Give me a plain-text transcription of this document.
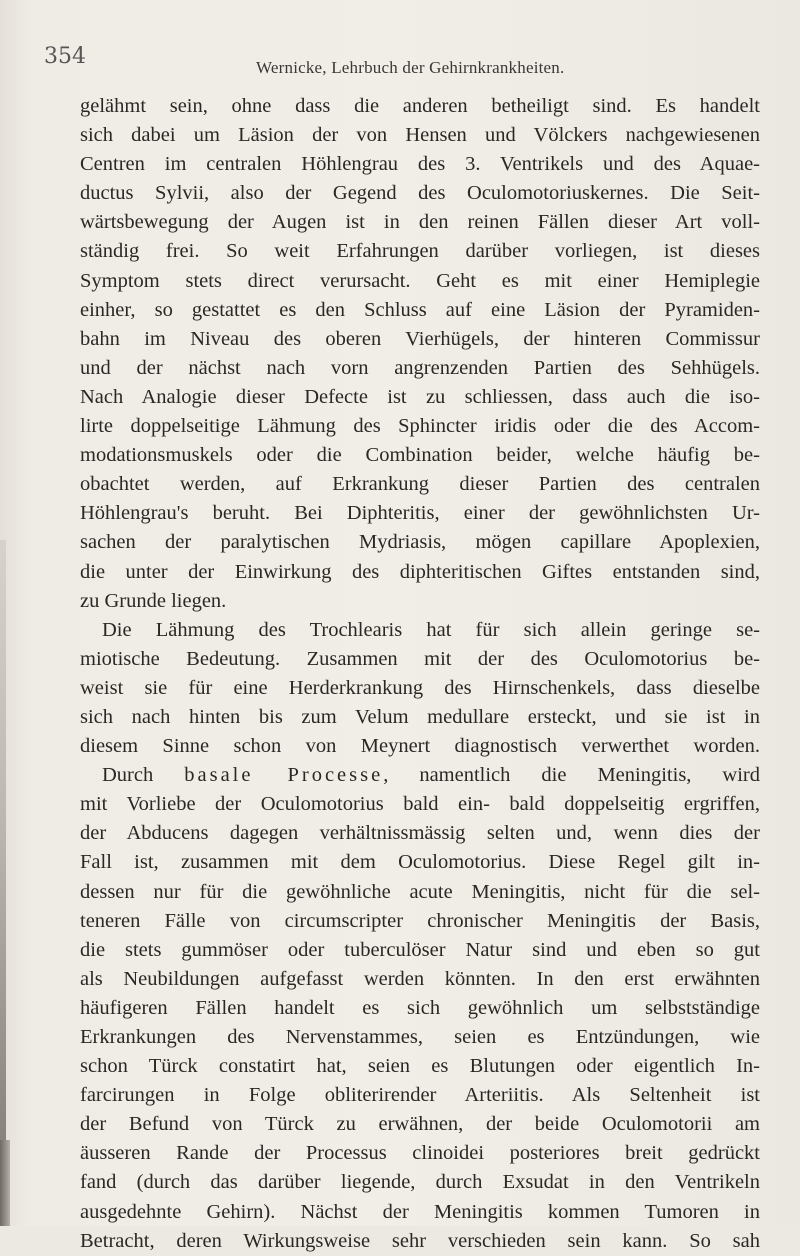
354	Wernicke, Lehrbuch der Gehirnkrankheiten.
gelähmt sein, ohne dass die anderen betheiligt sind. Es handelt
sich dabei um Läsion der von Hensen und Völckers nachgewiesenen
Centren im centralen Höhlengrau des 3. Ventrikels und des Aquae-
ductus Sylvii, also der Gegend des Oculomotoriuskernes. Die Seit-
wärtsbewegung der Augen ist in den reinen Fällen dieser Art voll-
ständig frei. So weit Erfahrungen darüber vorliegen, ist dieses
Symptom stets direct verursacht. Geht es mit einer Hemiplegie
einher, so gestattet es den Schluss auf eine Läsion der Pyramiden-
bahn im Niveau des oberen Vierhügels, der hinteren Commissur
und der nächst nach vorn angrenzenden Partien des Sehhügels.
Nach Analogie dieser Defecte ist zu schliessen, dass auch die iso-
lirte doppelseitige Lähmung des Sphincter iridis oder die des Accom-
modationsmuskels oder die Combination beider, welche häufig be-
obachtet werden, auf Erkrankung dieser Partien des centralen
Höhlengrau's beruht. Bei Diphteritis, einer der gewöhnlichsten Ur-
sachen der paralytischen Mydriasis, mögen capillare Apoplexien,
die unter der Einwirkung des diphteritischen Giftes entstanden sind,
zu Grunde liegen.
Die Lähmung des Trochlearis hat für sich allein geringe se-
miotische Bedeutung. Zusammen mit der des Oculomotorius be-
weist sie für eine Herderkrankung des Hirnschenkels, dass dieselbe
sich nach hinten bis zum Velum medullare ersteckt, und sie ist in
diesem Sinne schon von Meynert diagnostisch verwerthet worden.
Durch basale Processe, namentlich die Meningitis, wird
mit Vorliebe der Oculomotorius bald ein- bald doppelseitig ergriffen,
der Abducens dagegen verhältnissmässig selten und, wenn dies der
Fall ist, zusammen mit dem Oculomotorius. Diese Regel gilt in-
dessen nur für die gewöhnliche acute Meningitis, nicht für die sel-
teneren Fälle von circumscripter chronischer Meningitis der Basis,
die stets gummöser oder tuberculöser Natur sind und eben so gut
als Neubildungen aufgefasst werden könnten. In den erst erwähnten
häufigeren Fällen handelt es sich gewöhnlich um selbstständige
Erkrankungen des Nervenstammes, seien es Entzündungen, wie
schon Türck constatirt hat, seien es Blutungen oder eigentlich In-
farcirungen in Folge obliterirender Arteriitis. Als Seltenheit ist
der Befund von Türck zu erwähnen, der beide Oculomotorii am
äusseren Rande der Processus clinoidei posteriores breit gedrückt
fand (durch das darüber liegende, durch Exsudat in den Ventrikeln
ausgedehnte Gehirn). Nächst der Meningitis kommen Tumoren in
Betracht, deren Wirkungsweise sehr verschieden sein kann. So sah
